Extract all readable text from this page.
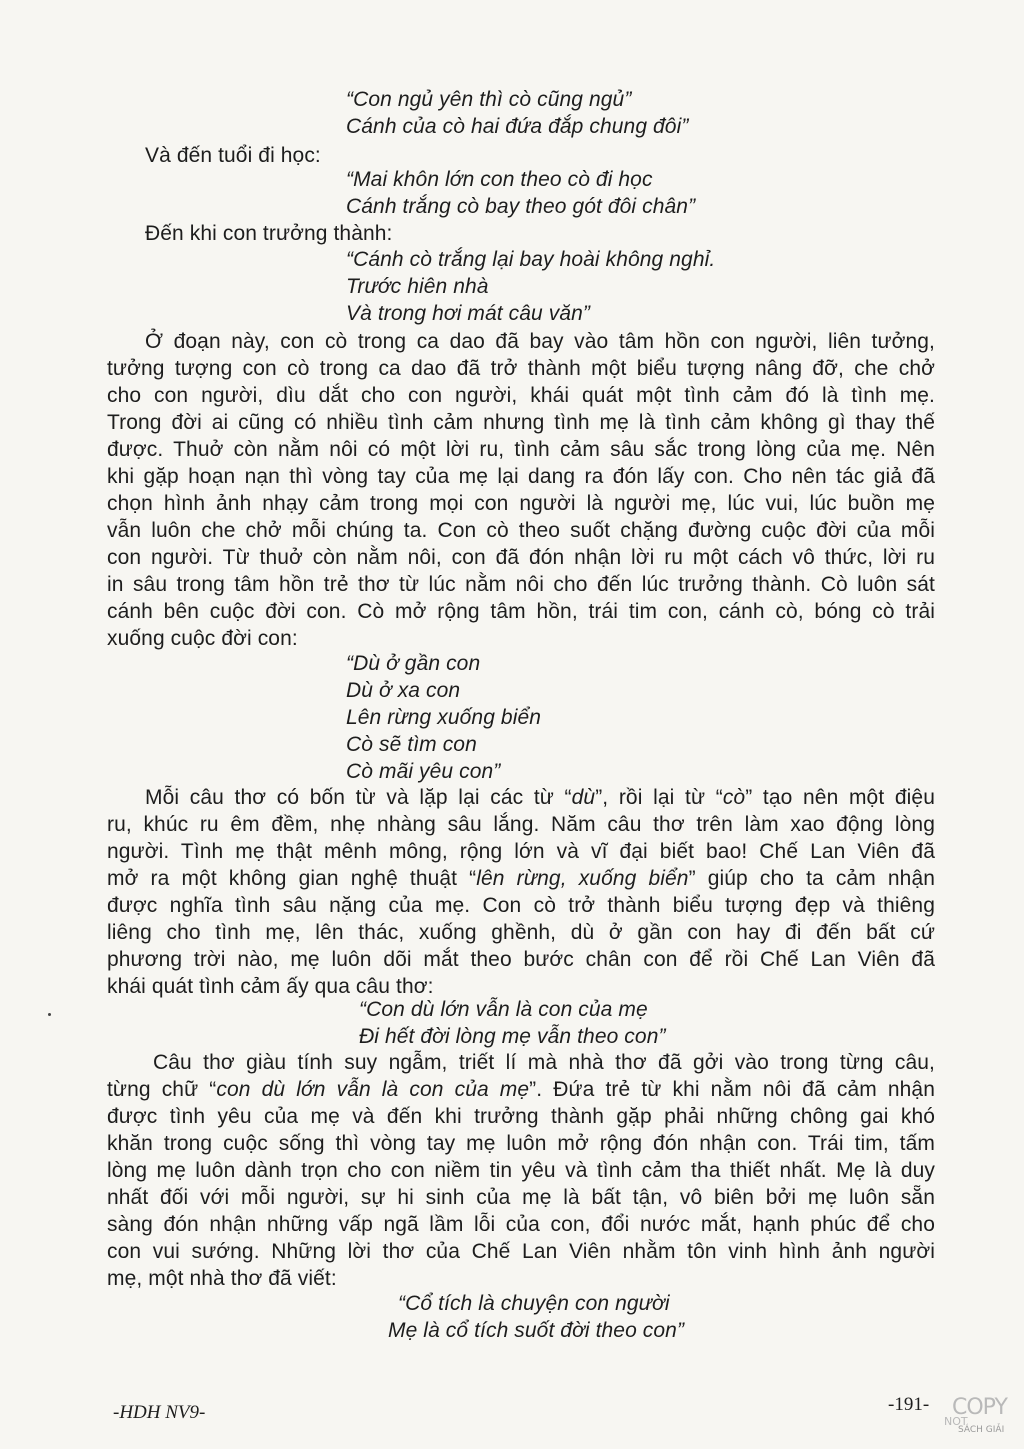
“Con ngủ yên thì cò cũng ngủ”
Cánh của cò hai đứa đắp chung đôi”
Và đến tuổi đi học:
“Mai khôn lớn con theo cò đi học
Cánh trắng cò bay theo gót đôi chân”
Đến khi con trưởng thành:
“Cánh cò trắng lại bay hoài không nghỉ.
Trước hiên nhà
Và trong hơi mát câu văn”
Ở đoạn này, con cò trong ca dao đã bay vào tâm hồn con người, liên tưởng,
tưởng tượng con cò trong ca dao đã trở thành một biểu tượng nâng đỡ, che chở
cho con người, dìu dắt cho con người, khái quát một tình cảm đó là tình mẹ.
Trong đời ai cũng có nhiều tình cảm nhưng tình mẹ là tình cảm không gì thay thế
được. Thuở còn nằm nôi có một lời ru, tình cảm sâu sắc trong lòng của mẹ. Nên
khi gặp hoạn nạn thì vòng tay của mẹ lại dang ra đón lấy con. Cho nên tác giả đã
chọn hình ảnh nhạy cảm trong mọi con người là người mẹ, lúc vui, lúc buồn mẹ
vẫn luôn che chở mỗi chúng ta. Con cò theo suốt chặng đường cuộc đời của mỗi
con người. Từ thuở còn nằm nôi, con đã đón nhận lời ru một cách vô thức, lời ru
in sâu trong tâm hồn trẻ thơ từ lúc nằm nôi cho đến lúc trưởng thành. Cò luôn sát
cánh bên cuộc đời con. Cò mở rộng tâm hồn, trái tim con, cánh cò, bóng cò trải
xuống cuộc đời con:
“Dù ở gần con
Dù ở xa con
Lên rừng xuống biển
Cò sẽ tìm con
Cò mãi yêu con”
Mỗi câu thơ có bốn từ và lặp lại các từ “dù”, rồi lại từ “cò” tạo nên một điệu
ru, khúc ru êm đềm, nhẹ nhàng sâu lắng. Năm câu thơ trên làm xao động lòng
người. Tình mẹ thật mênh mông, rộng lớn và vĩ đại biết bao! Chế Lan Viên đã
mở ra một không gian nghệ thuật “lên rừng, xuống biển” giúp cho ta cảm nhận
được nghĩa tình sâu nặng của mẹ. Con cò trở thành biểu tượng đẹp và thiêng
liêng cho tình mẹ, lên thác, xuống ghềnh, dù ở gần con hay đi đến bất cứ
phương trời nào, mẹ luôn dõi mắt theo bước chân con để rồi Chế Lan Viên đã
khái quát tình cảm ấy qua câu thơ:
“Con dù lớn vẫn là con của mẹ
Đi hết đời lòng mẹ vẫn theo con”
Câu thơ giàu tính suy ngẫm, triết lí mà nhà thơ đã gởi vào trong từng câu,
từng chữ “con dù lớn vẫn là con của mẹ”. Đứa trẻ từ khi nằm nôi đã cảm nhận
được tình yêu của mẹ và đến khi trưởng thành gặp phải những chông gai khó
khăn trong cuộc sống thì vòng tay mẹ luôn mở rộng đón nhận con. Trái tim, tấm
lòng mẹ luôn dành trọn cho con niềm tin yêu và tình cảm tha thiết nhất. Mẹ là duy
nhất đối với mỗi người, sự hi sinh của mẹ là bất tận, vô biên bởi mẹ luôn sẵn
sàng đón nhận những vấp ngã lầm lỗi của con, đổi nước mắt, hạnh phúc để cho
con vui sướng. Những lời thơ của Chế Lan Viên nhằm tôn vinh hình ảnh người
mẹ, một nhà thơ đã viết:
“Cổ tích là chuyện con người
Mẹ là cổ tích suốt đời theo con”
-HDH NV9-	-191- COPY
NOT
SÁCH GIẢI
